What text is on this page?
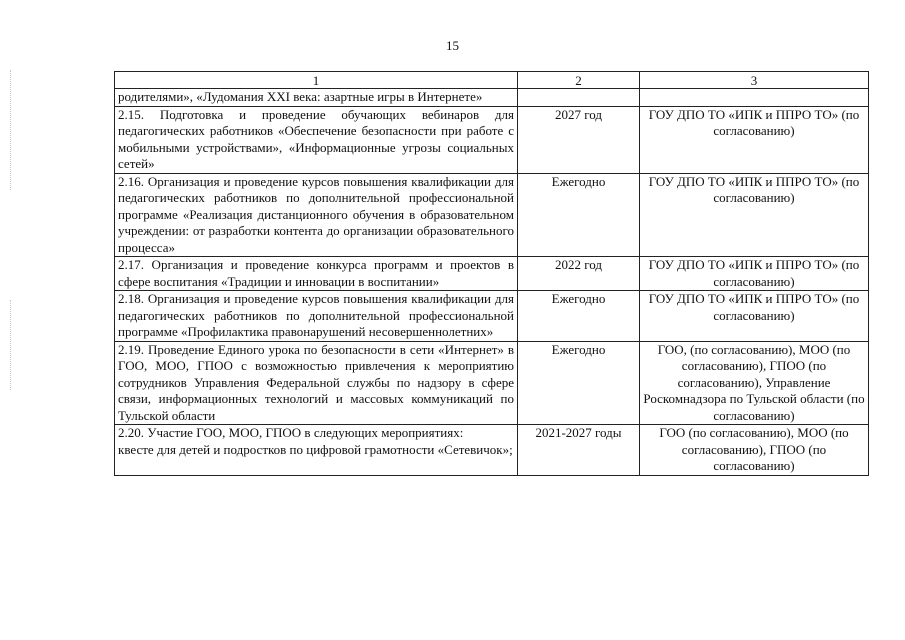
15
1	2	3
родителями», «Лудомания XXI века: азартные игры в Интернете»		
2.15. Подготовка и проведение обучающих вебинаров для педагогических работников «Обеспечение безопасности при работе с мобильными устройствами», «Информационные угрозы социальных сетей»	2027 год	ГОУ ДПО ТО «ИПК и ППРО ТО» (по согласованию)
2.16. Организация и проведение курсов повышения квалификации для педагогических работников по дополнительной профессиональной программе «Реализация дистанционного обучения в образовательном учреждении: от разработки контента до организации образовательного процесса»	Ежегодно	ГОУ ДПО ТО «ИПК и ППРО ТО» (по согласованию)
2.17. Организация и проведение конкурса программ и проектов в сфере воспитания «Традиции и инновации в воспитании»	2022 год	ГОУ ДПО ТО «ИПК и ППРО ТО» (по согласованию)
2.18. Организация и проведение курсов повышения квалификации для педагогических работников по дополнительной профессиональной программе «Профилактика правонарушений несовершеннолетних»	Ежегодно	ГОУ ДПО ТО «ИПК и ППРО ТО» (по согласованию)
2.19. Проведение Единого урока по безопасности в сети «Интернет» в ГОО, МОО, ГПОО с возможностью привлечения к мероприятию сотрудников Управления Федеральной службы по надзору в сфере связи, информационных технологий и массовых коммуникаций по Тульской области	Ежегодно	ГОО, (по согласованию), МОО (по согласованию), ГПОО (по согласованию), Управление Роскомнадзора по Тульской области (по согласованию)
2.20. Участие ГОО, МОО, ГПОО в следующих мероприятиях:
квесте для детей и подростков по цифровой грамотности «Сетевичок»;	2021-2027 годы	ГОО (по согласованию), МОО (по согласованию), ГПОО (по согласованию)
